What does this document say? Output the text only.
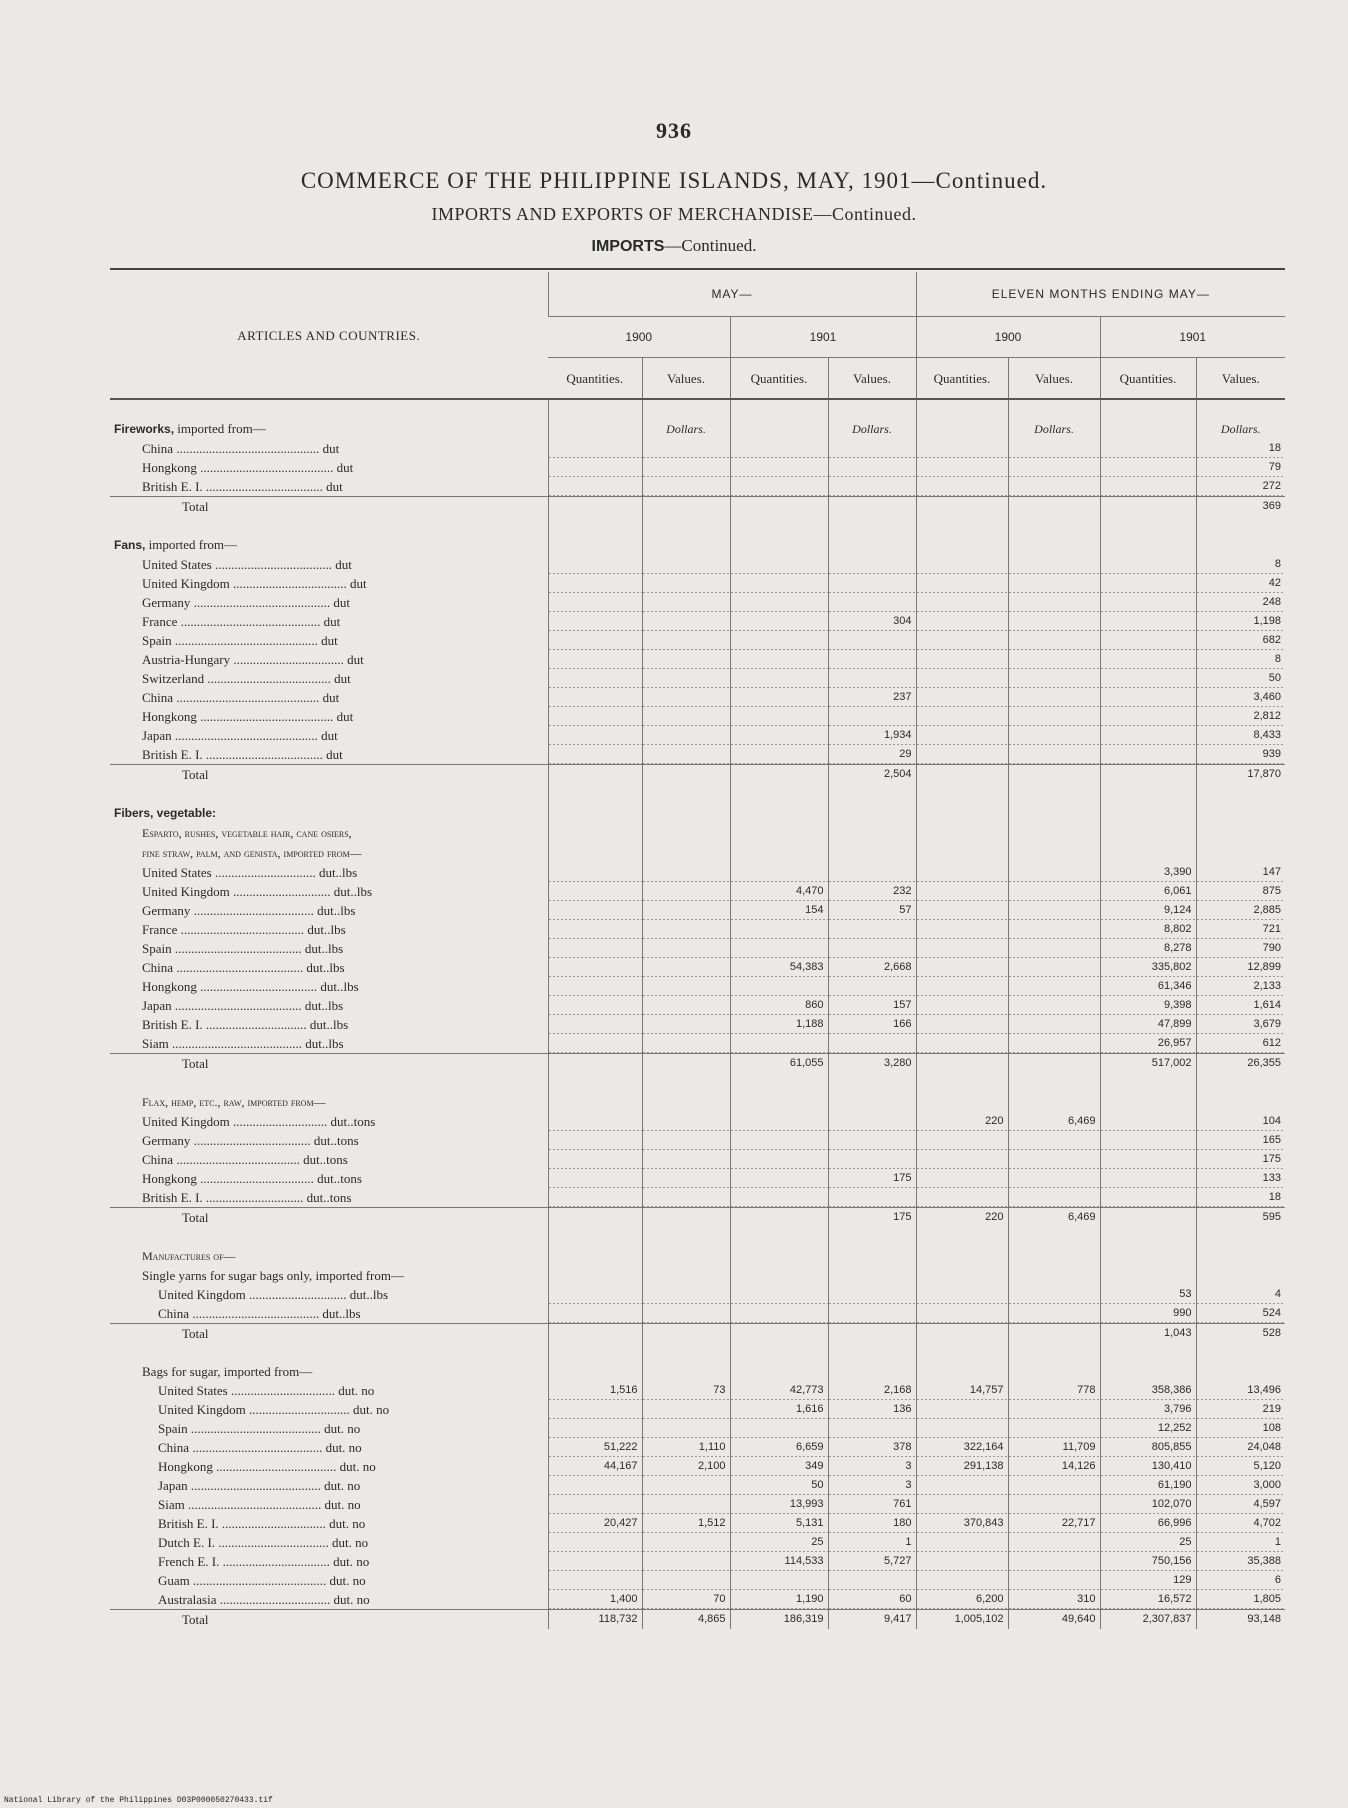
936
COMMERCE OF THE PHILIPPINE ISLANDS, MAY, 1901—Continued.
IMPORTS AND EXPORTS OF MERCHANDISE—Continued.
IMPORTS—Continued.
ARTICLES AND COUNTRIES.	MAY—				ELEVEN MONTHS ENDING MAY—			
	1900		1901		1900		1901	
	Quantities.	Values.	Quantities.	Values.	Quantities.	Values.	Quantities.	Values.

Fireworks, imported from—		Dollars.		Dollars.		Dollars.		Dollars.
China ............................................ dut								18
Hongkong ......................................... dut								79
British E. I. .................................... dut								272
Total								369

Fans, imported from—								
United States .................................... dut								8
United Kingdom ................................... dut								42
Germany .......................................... dut								248
France ........................................... dut				304				1,198
Spain ............................................ dut								682
Austria-Hungary .................................. dut								8
Switzerland ...................................... dut								50
China ............................................ dut				237				3,460
Hongkong ......................................... dut								2,812
Japan ............................................ dut				1,934				8,433
British E. I. .................................... dut				29				939
Total				2,504				17,870

Fibers, vegetable:								
Esparto, rushes, vegetable hair, cane osiers,								
fine straw, palm, and genista, imported from—								
United States ............................... dut..lbs							3,390	147
United Kingdom .............................. dut..lbs			4,470	232			6,061	875
Germany ..................................... dut..lbs			154	57			9,124	2,885
France ...................................... dut..lbs							8,802	721
Spain ....................................... dut..lbs							8,278	790
China ....................................... dut..lbs			54,383	2,668			335,802	12,899
Hongkong .................................... dut..lbs							61,346	2,133
Japan ....................................... dut..lbs			860	157			9,398	1,614
British E. I. ............................... dut..lbs			1,188	166			47,899	3,679
Siam ........................................ dut..lbs							26,957	612
Total			61,055	3,280			517,002	26,355

Flax, hemp, etc., raw, imported from—								
United Kingdom ............................. dut..tons					220	6,469		104
Germany .................................... dut..tons								165
China ...................................... dut..tons								175
Hongkong ................................... dut..tons				175				133
British E. I. .............................. dut..tons								18
Total				175	220	6,469		595

Manufactures of—								
Single yarns for sugar bags only, imported from—								
United Kingdom .............................. dut..lbs							53	4
China ....................................... dut..lbs							990	524
Total							1,043	528

Bags for sugar, imported from—								
United States ................................ dut. no	1,516	73	42,773	2,168	14,757	778	358,386	13,496
United Kingdom ............................... dut. no			1,616	136			3,796	219
Spain ........................................ dut. no							12,252	108
China ........................................ dut. no	51,222	1,110	6,659	378	322,164	11,709	805,855	24,048
Hongkong ..................................... dut. no	44,167	2,100	349	3	291,138	14,126	130,410	5,120
Japan ........................................ dut. no			50	3			61,190	3,000
Siam ......................................... dut. no			13,993	761			102,070	4,597
British E. I. ................................ dut. no	20,427	1,512	5,131	180	370,843	22,717	66,996	4,702
Dutch E. I. .................................. dut. no			25	1			25	1
French E. I. ................................. dut. no			114,533	5,727			750,156	35,388
Guam ......................................... dut. no							129	6
Australasia .................................. dut. no	1,400	70	1,190	60	6,200	310	16,572	1,805
Total	118,732	4,865	186,319	9,417	1,005,102	49,640	2,307,837	93,148
National Library of the Philippines D03P000050270433.tif
